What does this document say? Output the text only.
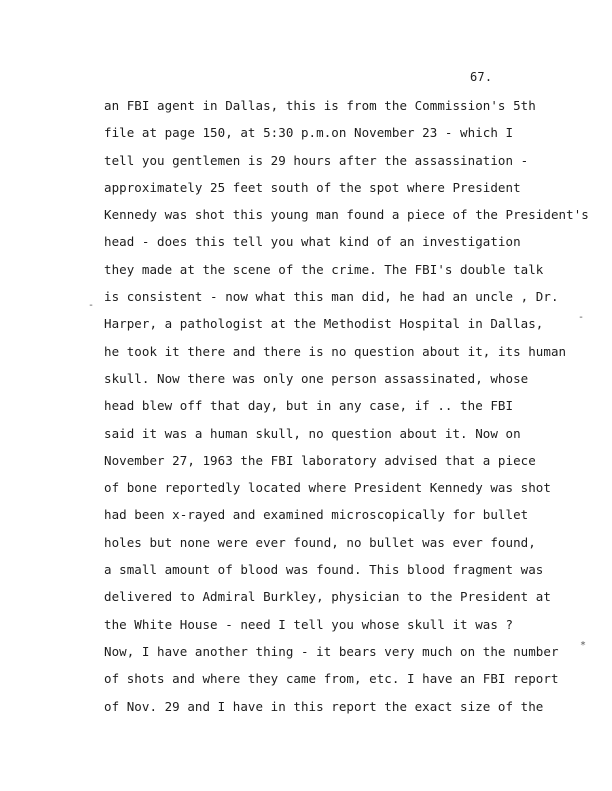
67.
an FBI agent in Dallas, this is from the Commission's 5th
file at page 150, at 5:30 p.m.on November 23 - which I
tell you gentlemen is 29 hours after the assassination -
approximately 25 feet south of the spot where President
Kennedy was shot this young man found a piece of the President's
head - does this tell you what kind of an investigation
they made at the scene of the crime. The FBI's double talk
is consistent - now what this man did, he had an uncle , Dr.
Harper, a pathologist at the Methodist Hospital in Dallas,
he took it there and there is no question about it, its human
skull. Now there was only one person assassinated, whose
head blew off that day, but in any case, if .. the FBI
said it was a human skull, no question about it. Now on
November 27, 1963 the FBI laboratory advised that a piece
of bone reportedly located where President Kennedy was shot
had been x-rayed and examined microscopically for bullet
holes but none were ever found, no bullet was ever found,
a small amount of blood was found. This blood fragment was
delivered to Admiral Burkley, physician to the President at
the White House - need I tell you whose skull it was ?
Now, I have another thing - it bears very much on the number
of shots and where they came from, etc. I have an FBI report
of Nov. 29 and I have in this report the exact size of the
-
-
*
